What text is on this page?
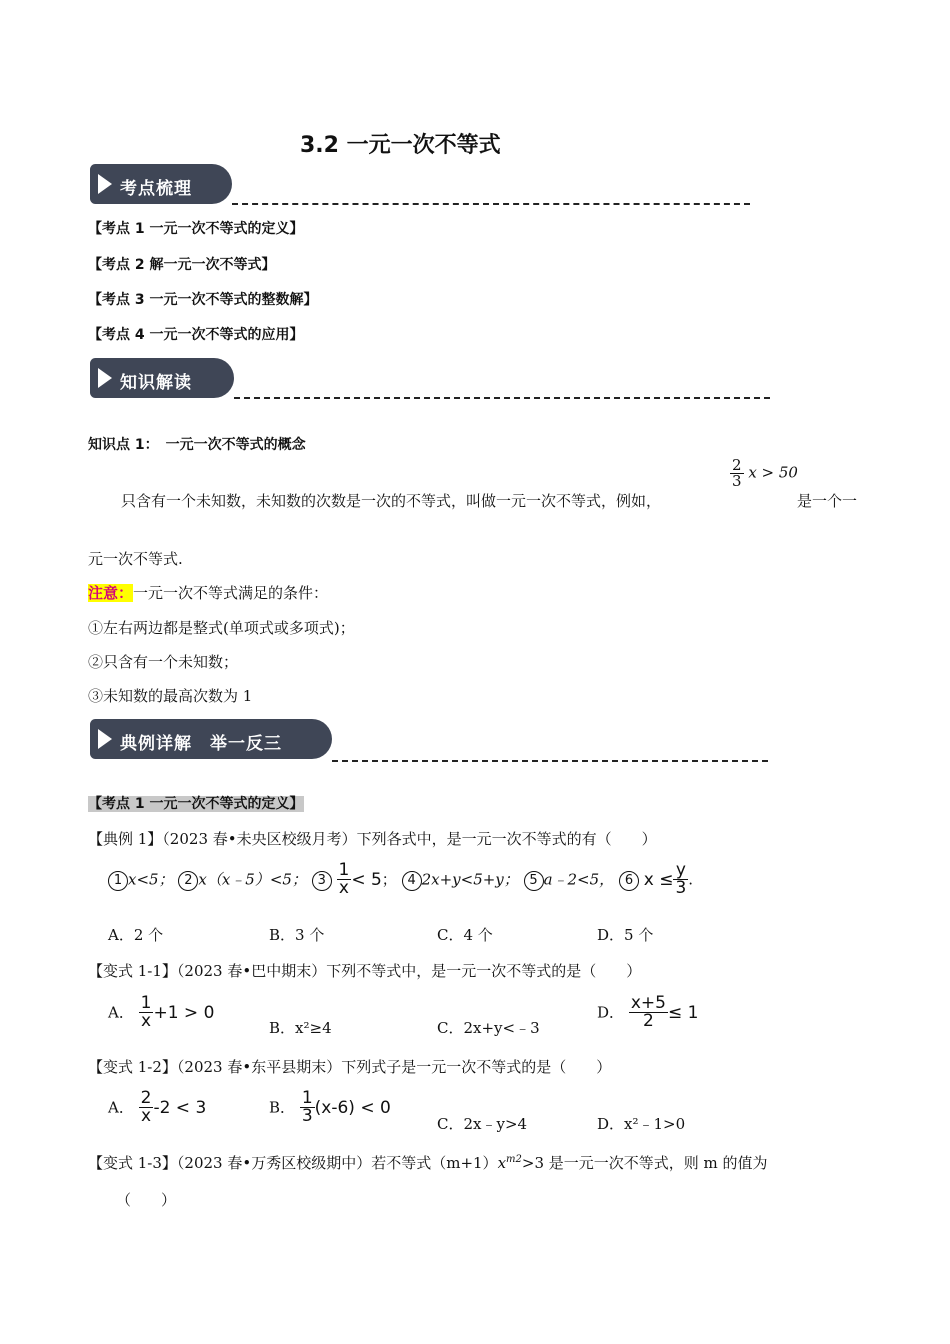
3.2 一元一次不等式
考点梳理
【考点 1 一元一次不等式的定义】
【考点 2 解一元一次不等式】
【考点 3 一元一次不等式的整数解】
【考点 4 一元一次不等式的应用】
知识解读
知识点 1：　一元一次不等式的概念
只含有一个未知数，未知数的次数是一次的不等式，叫做一元一次不等式，例如，
$\frac{2}{3}$ x > 50
是一个一
元一次不等式.
注意：一元一次不等式满足的条件：
①左右两边都是整式(单项式或多项式)；
②只含有一个未知数；
③未知数的最高次数为 1
典例详解　举一反三
【考点 1 一元一次不等式的定义】
【典例 1】（2023 春•未央区校级月考）下列各式中，是一元一次不等式的有（　　）
1 x<5； 2 x（x﹣5）<5； $3 \frac{1}{x} < 5$； 4 2x+y<5+y； 5 a﹣2<5， 6 $x \le \frac{y}{3}$ .
A．2 个	B．3 个	C．4 个	D．5 个
【变式 1-1】（2023 春•巴中期末）下列不等式中，是一元一次不等式的是（　　）
A． $\frac{1}{x} +1 > 0$
B．x²≥4	C．2x+y<﹣3
D． $\frac{x+5}{2} \le 1$
【变式 1-2】（2023 春•东平县期末）下列式子是一元一次不等式的是（　　）
A． $\frac{2}{x} -2 < 3$	B． $\frac{1}{3} (x-6) < 0$
C．2x﹣y>4	D．x²﹣1>0
【变式 1-3】（2023 春•万秀区校级期中）若不等式$(m+1)x^{m2}>3$ 是一元一次不等式，则 m 的值为
（　　）
